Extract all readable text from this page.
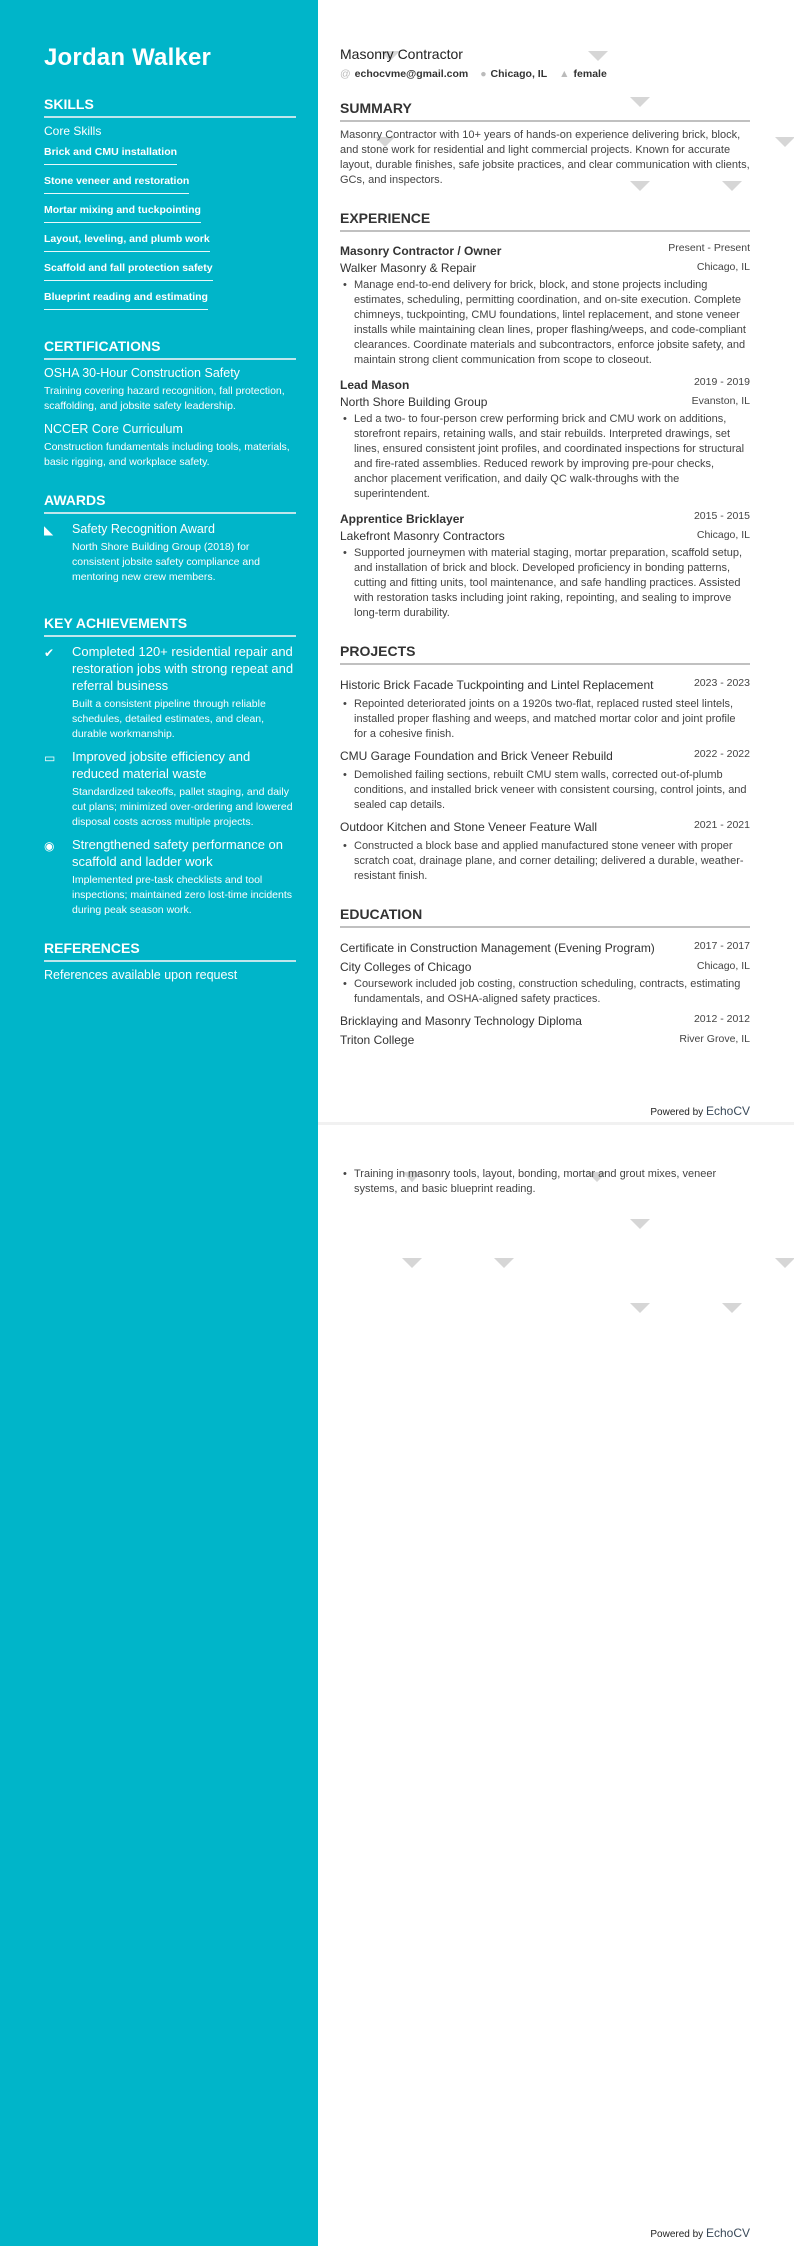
Jordan Walker
SKILLS
Core Skills
Brick and CMU installation
Stone veneer and restoration
Mortar mixing and tuckpointing
Layout, leveling, and plumb work
Scaffold and fall protection safety
Blueprint reading and estimating
CERTIFICATIONS
OSHA 30-Hour Construction Safety
Training covering hazard recognition, fall protection, scaffolding, and jobsite safety leadership.
NCCER Core Curriculum
Construction fundamentals including tools, materials, basic rigging, and workplace safety.
AWARDS
◣	Safety Recognition Award
North Shore Building Group (2018) for consistent jobsite safety compliance and mentoring new crew members.
KEY ACHIEVEMENTS
✔	Completed 120+ residential repair and restoration jobs with strong repeat and referral business
Built a consistent pipeline through reliable schedules, detailed estimates, and clean, durable workmanship.
▭	Improved jobsite efficiency and reduced material waste
Standardized takeoffs, pallet staging, and daily cut plans; minimized over-ordering and lowered disposal costs across multiple projects.
◉	Strengthened safety performance on scaffold and ladder work
Implemented pre-task checklists and tool inspections; maintained zero lost-time incidents during peak season work.
REFERENCES
References available upon request
Masonry Contractor
@ echocvme@gmail.com ● Chicago, IL ▲ female
SUMMARY

Masonry Contractor with 10+ years of hands-on experience delivering brick, block, and stone work for residential and light commercial projects. Known for accurate layout, durable finishes, safe jobsite practices, and clear communication with clients, GCs, and inspectors.

EXPERIENCE
Masonry Contractor / Owner	Present - Present
Walker Masonry & Repair	Chicago, IL
• Manage end-to-end delivery for brick, block, and stone projects including estimates, scheduling, permitting coordination, and on-site execution. Complete chimneys, tuckpointing, CMU foundations, lintel replacement, and stone veneer installs while maintaining clean lines, proper flashing/weeps, and code-compliant clearances. Coordinate materials and subcontractors, enforce jobsite safety, and maintain strong client communication from scope to closeout.
Lead Mason	2019 - 2019
North Shore Building Group	Evanston, IL
• Led a two- to four-person crew performing brick and CMU work on additions, storefront repairs, retaining walls, and stair rebuilds. Interpreted drawings, set lines, ensured consistent joint profiles, and coordinated inspections for structural and fire-rated assemblies. Reduced rework by improving pre-pour checks, anchor placement verification, and daily QC walk-throughs with the superintendent.
Apprentice Bricklayer	2015 - 2015
Lakefront Masonry Contractors	Chicago, IL
• Supported journeymen with material staging, mortar preparation, scaffold setup, and installation of brick and block. Developed proficiency in bonding patterns, cutting and fitting units, tool maintenance, and safe handling practices. Assisted with restoration tasks including joint raking, repointing, and sealing to improve long-term durability.
PROJECTS
Historic Brick Facade Tuckpointing and Lintel Replacement	2023 - 2023
• Repointed deteriorated joints on a 1920s two-flat, replaced rusted steel lintels, installed proper flashing and weeps, and matched mortar color and joint profile for a cohesive finish.
CMU Garage Foundation and Brick Veneer Rebuild	2022 - 2022
• Demolished failing sections, rebuilt CMU stem walls, corrected out-of-plumb conditions, and installed brick veneer with consistent coursing, control joints, and sealed cap details.
Outdoor Kitchen and Stone Veneer Feature Wall	2021 - 2021
• Constructed a block base and applied manufactured stone veneer with proper scratch coat, drainage plane, and corner detailing; delivered a durable, weather-resistant finish.
EDUCATION
Certificate in Construction Management (Evening Program)	2017 - 2017
City Colleges of Chicago	Chicago, IL
• Coursework included job costing, construction scheduling, contracts, estimating fundamentals, and OSHA-aligned safety practices.
Bricklaying and Masonry Technology Diploma	2012 - 2012
Triton College	River Grove, IL
Powered by EchoCV
• Training in masonry tools, layout, bonding, mortar and grout mixes, veneer systems, and basic blueprint reading.
Powered by EchoCV
